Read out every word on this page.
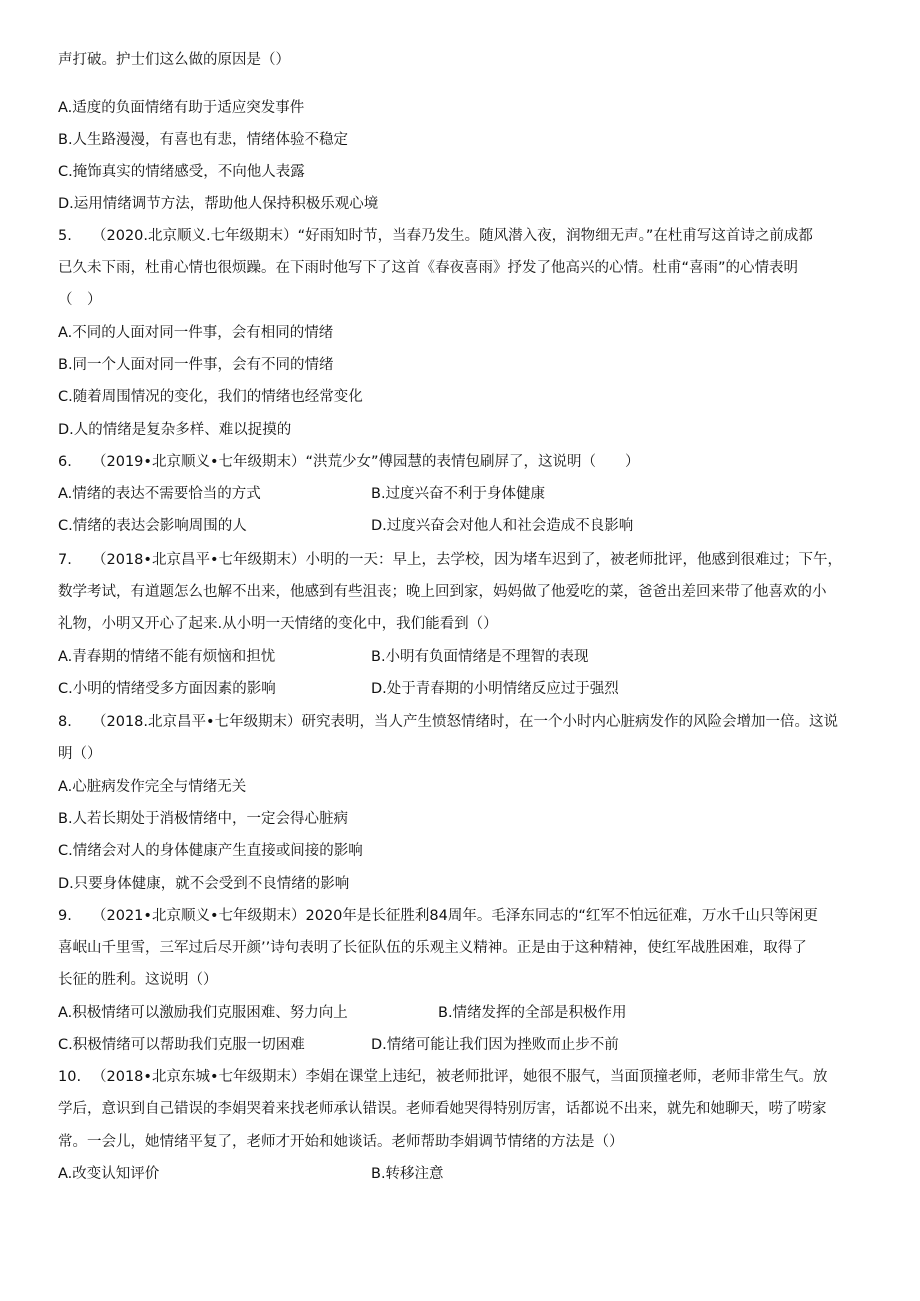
声打破。护士们这么做的原因是（）
A.适度的负面情绪有助于适应突发事件
B.人生路漫漫，有喜也有悲，情绪体验不稳定
C.掩饰真实的情绪感受，不向他人表露
D.运用情绪调节方法，帮助他人保持积极乐观心境
5. （2020.北京顺义.七年级期末）“好雨知时节，当春乃发生。随风潜入夜，润物细无声。”在杜甫写这首诗之前成都
已久未下雨，杜甫心情也很烦躁。在下雨时他写下了这首《春夜喜雨》抒发了他高兴的心情。杜甫“喜雨”的心情表明
（　）
A.不同的人面对同一件事，会有相同的情绪
B.同一个人面对同一件事，会有不同的情绪
C.随着周围情况的变化，我们的情绪也经常变化
D.人的情绪是复杂多样、难以捉摸的
6. （2019•北京顺义•七年级期末）“洪荒少女”傅园慧的表情包刷屏了，这说明（　　）
A.情绪的表达不需要恰当的方式	B.过度兴奋不利于身体健康
C.情绪的表达会影响周围的人	D.过度兴奋会对他人和社会造成不良影响
7. （2018•北京昌平•七年级期末）小明的一天：早上，去学校，因为堵车迟到了，被老师批评，他感到很难过；下午，
数学考试，有道题怎么也解不出来，他感到有些沮丧；晚上回到家，妈妈做了他爱吃的菜，爸爸出差回来带了他喜欢的小
礼物，小明又开心了起来.从小明一天情绪的变化中，我们能看到（）
A.青春期的情绪不能有烦恼和担忧	B.小明有负面情绪是不理智的表现
C.小明的情绪受多方面因素的影响	D.处于青春期的小明情绪反应过于强烈
8. （2018.北京昌平•七年级期末）研究表明，当人产生愤怒情绪时，在一个小时内心脏病发作的风险会增加一倍。这说
明（）
A.心脏病发作完全与情绪无关
B.人若长期处于消极情绪中，一定会得心脏病
C.情绪会对人的身体健康产生直接或间接的影响
D.只要身体健康，就不会受到不良情绪的影响
9. （2021•北京顺义•七年级期末）2020年是长征胜利84周年。毛泽东同志的“红军不怕远征难，万水千山只等闲更
喜岷山千里雪，三军过后尽开颜’’诗句表明了长征队伍的乐观主义精神。正是由于这种精神，使红军战胜困难，取得了
长征的胜利。这说明（）
A.积极情绪可以激励我们克服困难、努力向上	B.情绪发挥的全部是积极作用
C.积极情绪可以帮助我们克服一切困难	D.情绪可能让我们因为挫败而止步不前
10. （2018•北京东城•七年级期末）李娟在课堂上违纪，被老师批评，她很不服气，当面顶撞老师，老师非常生气。放
学后，意识到自己错误的李娟哭着来找老师承认错误。老师看她哭得特别厉害，话都说不出来，就先和她聊天，唠了唠家
常。一会儿，她情绪平复了，老师才开始和她谈话。老师帮助李娟调节情绪的方法是（）
A.改变认知评价	B.转移注意
